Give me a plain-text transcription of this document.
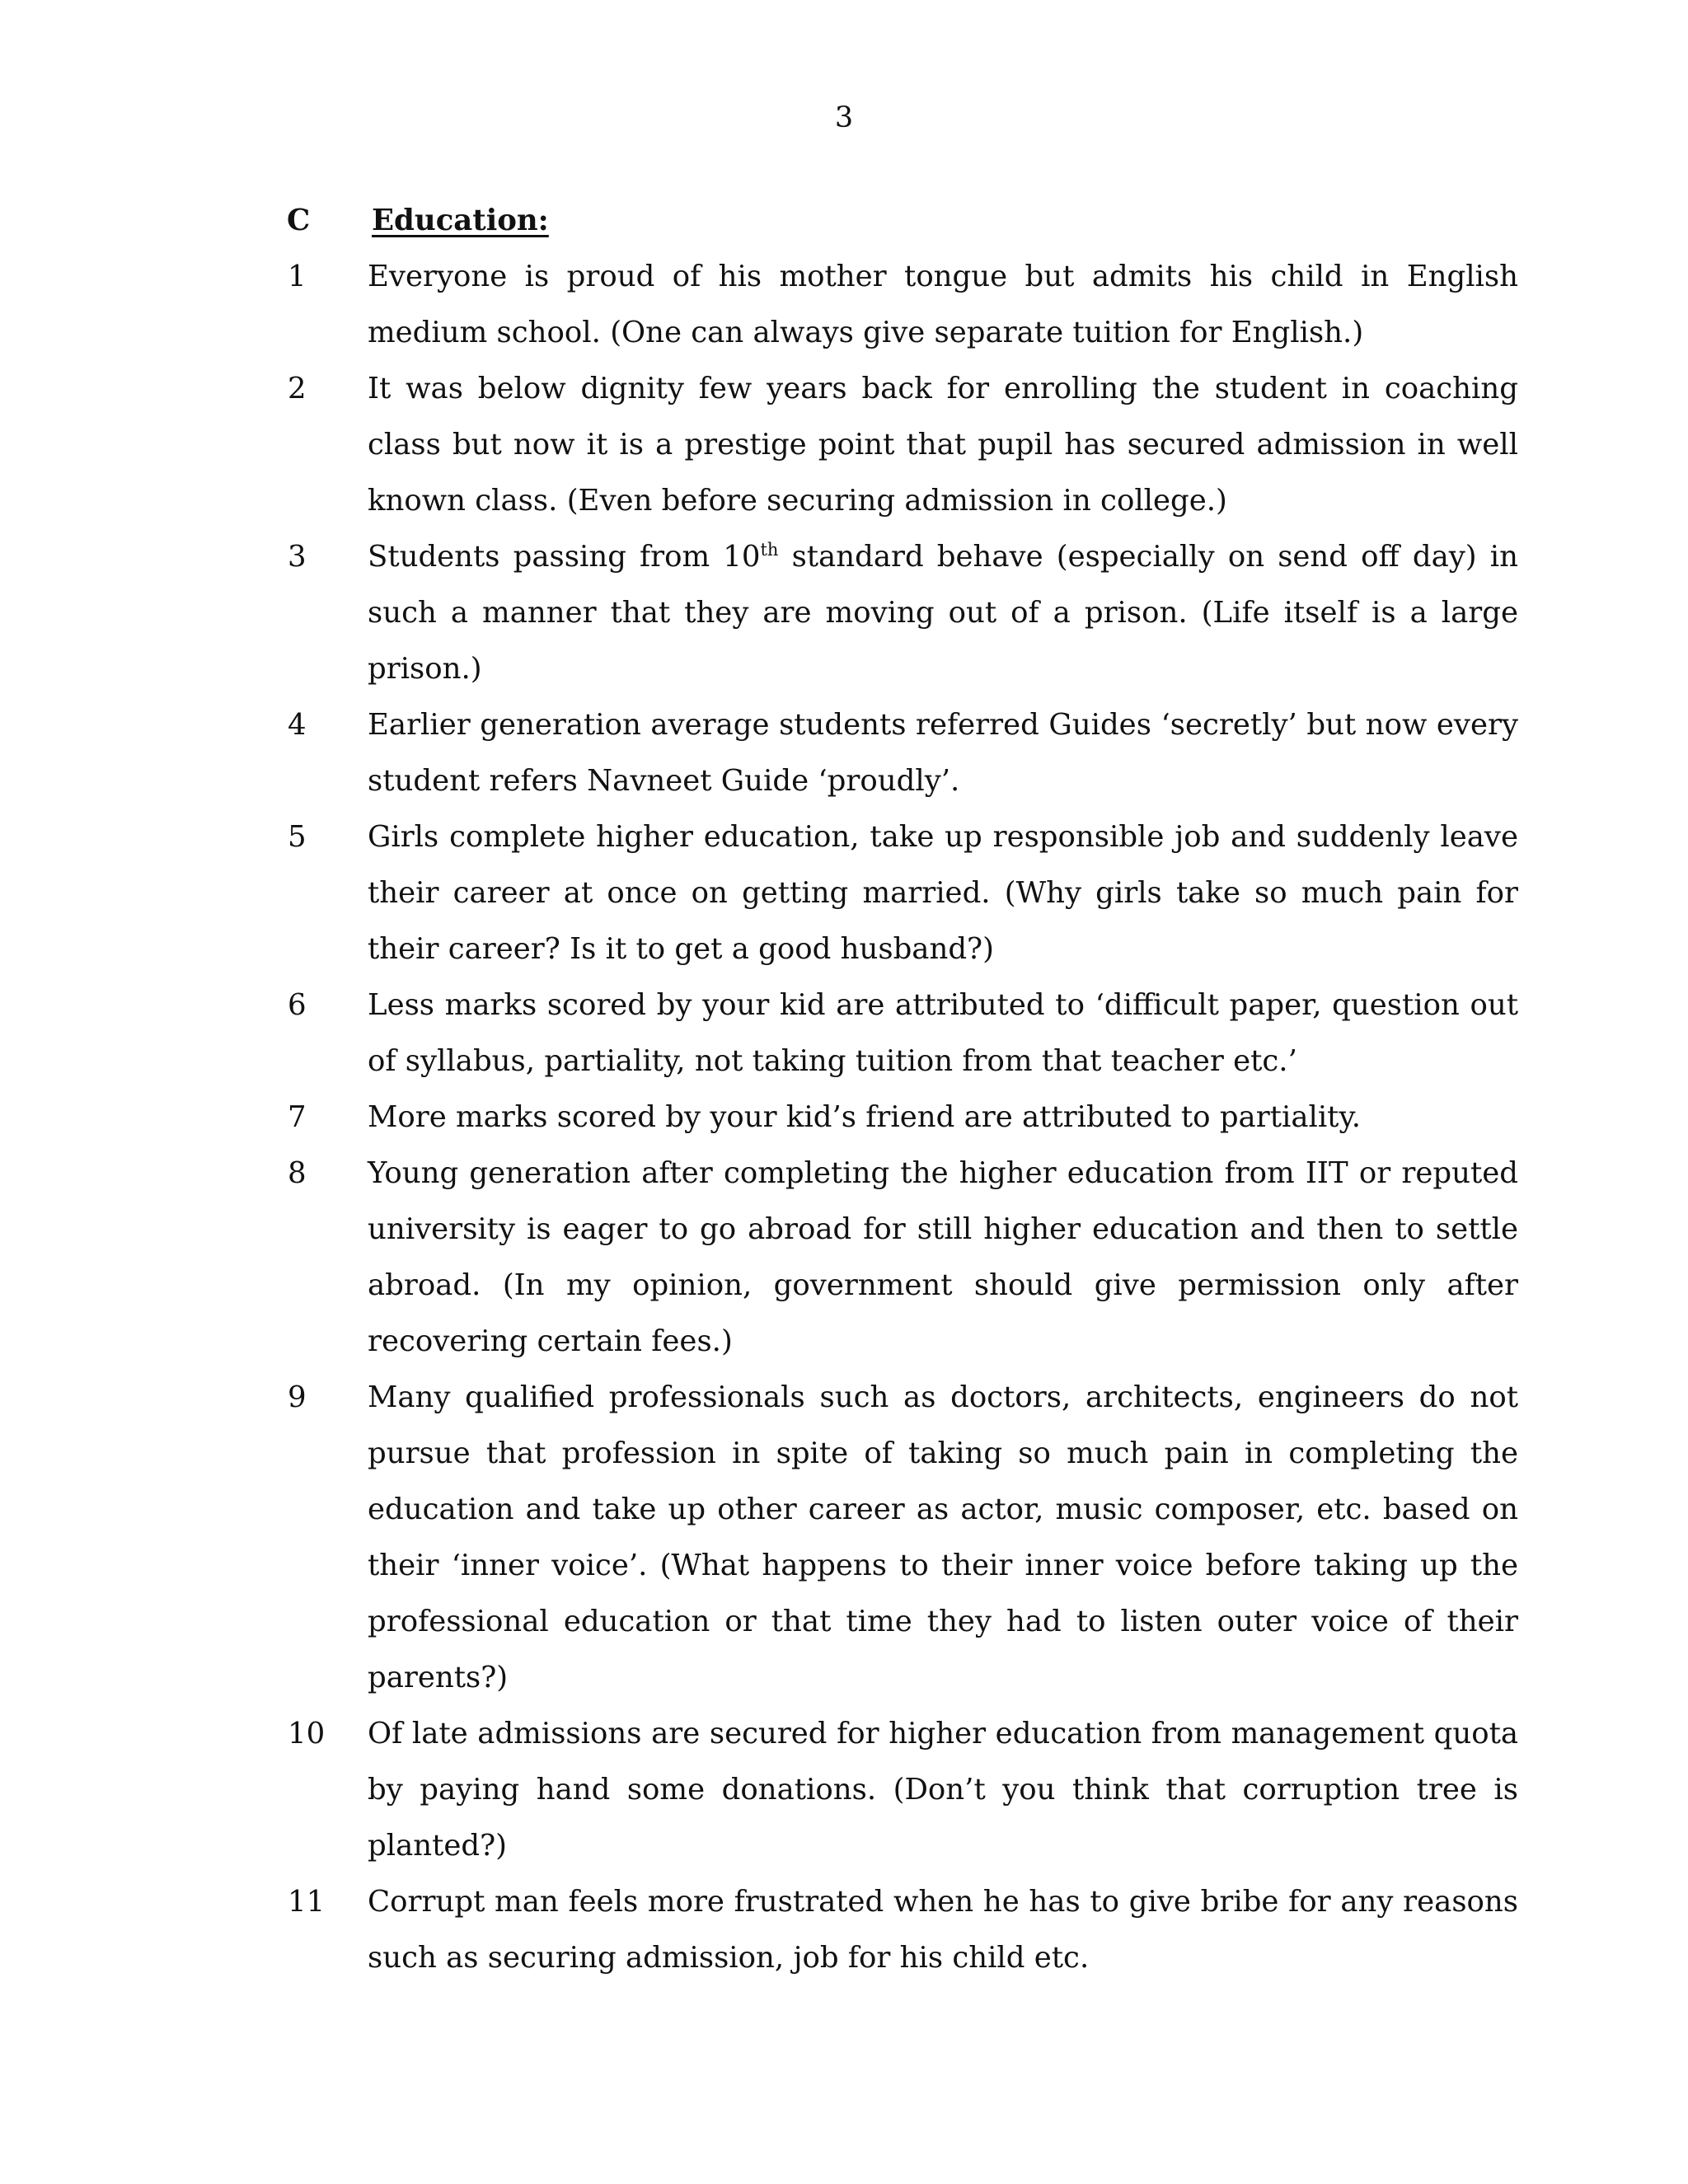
3
C	Education:
1	Everyone is proud of his mother tongue but admits his child in English medium school. (One can always give separate tuition for English.)
2	It was below dignity few years back for enrolling the student in coaching class but now it is a prestige point that pupil has secured admission in well known class. (Even before securing admission in college.)
3	Students passing from 10th standard behave (especially on send off day) in such a manner that they are moving out of a prison. (Life itself is a large prison.)
4	Earlier generation average students referred Guides ‘secretly’ but now every student refers Navneet Guide ‘proudly’.
5	Girls complete higher education, take up responsible job and suddenly leave their career at once on getting married. (Why girls take so much pain for their career? Is it to get a good husband?)
6	Less marks scored by your kid are attributed to ‘difficult paper, question out of syllabus, partiality, not taking tuition from that teacher etc.’
7	More marks scored by your kid’s friend are attributed to partiality.
8	Young generation after completing the higher education from IIT or reputed university is eager to go abroad for still higher education and then to settle abroad. (In my opinion, government should give permission only after recovering certain fees.)
9	Many qualified professionals such as doctors, architects, engineers do not pursue that profession in spite of taking so much pain in completing the education and take up other career as actor, music composer, etc. based on their ‘inner voice’. (What happens to their inner voice before taking up the professional education or that time they had to listen outer voice of their parents?)
10	Of late admissions are secured for higher education from management quota by paying hand some donations. (Don’t you think that corruption tree is planted?)
11	Corrupt man feels more frustrated when he has to give bribe for any reasons such as securing admission, job for his child etc.
